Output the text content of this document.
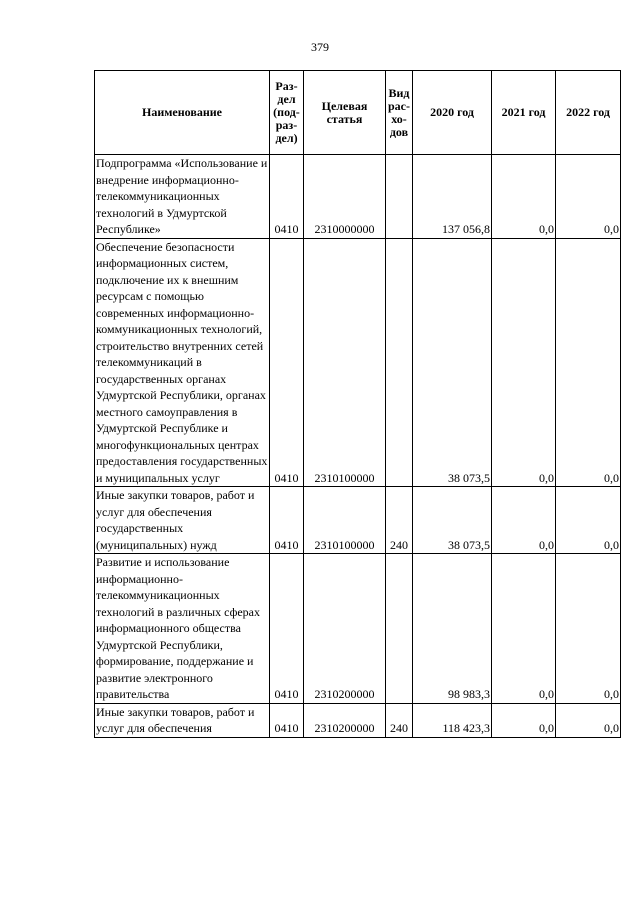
379
Наименование	Раз-дел (под-раз-дел)	Целевая статья	Вид рас-хо-дов	2020 год	2021 год	2022 год
Подпрограмма «Использование и внедрение информационно-телекоммуникационных технологий в Удмуртской Республике»	0410	2310000000		137 056,8	0,0	0,0
Обеспечение безопасности информационных систем, подключение их к внешним ресурсам с помощью современных информационно-коммуникационных технологий, строительство внутренних сетей телекоммуникаций в государственных органах Удмуртской Республики, органах местного самоуправления в Удмуртской Республике и многофункциональных центрах предоставления государственных и муниципальных услуг	0410	2310100000		38 073,5	0,0	0,0
Иные закупки товаров, работ и услуг для обеспечения государственных (муниципальных) нужд	0410	2310100000	240	38 073,5	0,0	0,0
Развитие и использование информационно-телекоммуникационных технологий в различных сферах информационного общества Удмуртской Республики, формирование, поддержание и развитие электронного правительства	0410	2310200000		98 983,3	0,0	0,0
Иные закупки товаров, работ и услуг для обеспечения	0410	2310200000	240	118 423,3	0,0	0,0
